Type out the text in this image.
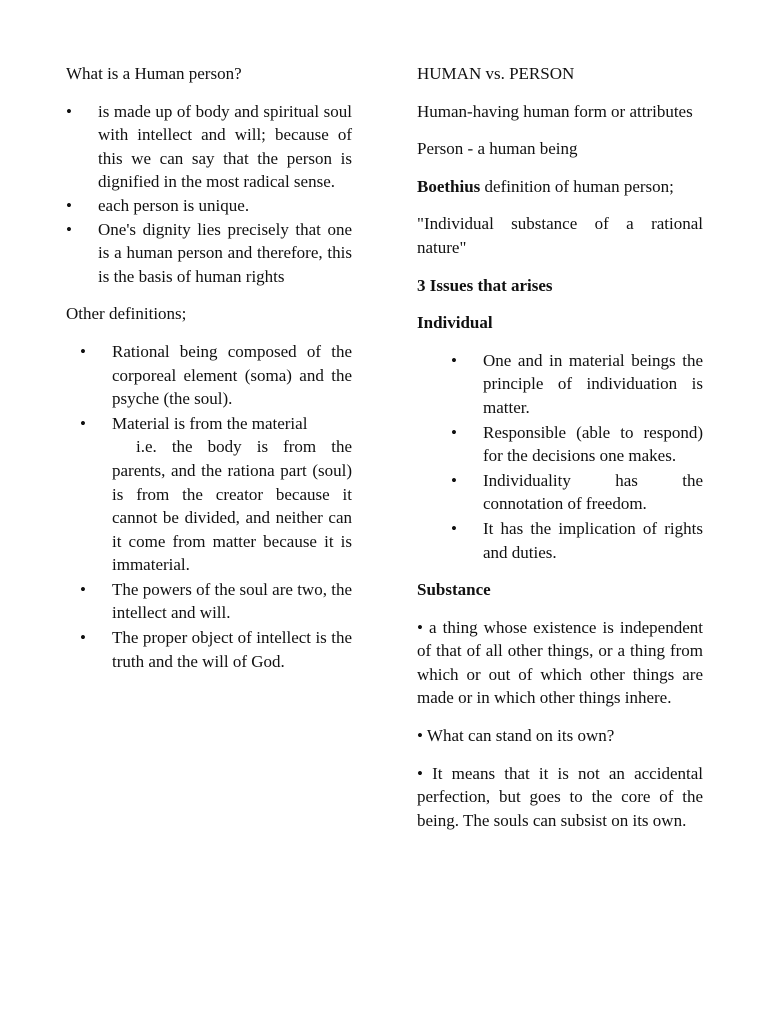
What is a Human person?

• is made up of body and spiritual soul with intellect and will; because of this we can say that the person is dignified in the most radical sense.
• each person is unique.
• One's dignity lies precisely that one is a human person and therefore, this is the basis of human rights

Other definitions;

• Rational being composed of the corporeal element (soma) and the psyche (the soul).
• Material is from the material
i.e. the body is from the parents, and the rationa part (soul) is from the creator because it cannot be divided, and neither can it come from matter because it is immaterial.
• The powers of the soul are two, the intellect and will.
• The proper object of intellect is the truth and the will of God.

HUMAN vs. PERSON

Human-having human form or attributes

Person - a human being

Boethius definition of human person;

"Individual substance of a rational nature"

3 Issues that arises

Individual

• One and in material beings the principle of individuation is matter.
• Responsible (able to respond) for the decisions one makes.
• Individuality has the connotation of freedom.
• It has the implication of rights and duties.

Substance

• a thing whose existence is independent of that of all other things, or a thing from which or out of which other things are made or in which other things inhere.

• What can stand on its own?

• It means that it is not an accidental perfection, but goes to the core of the being. The souls can subsist on its own.
